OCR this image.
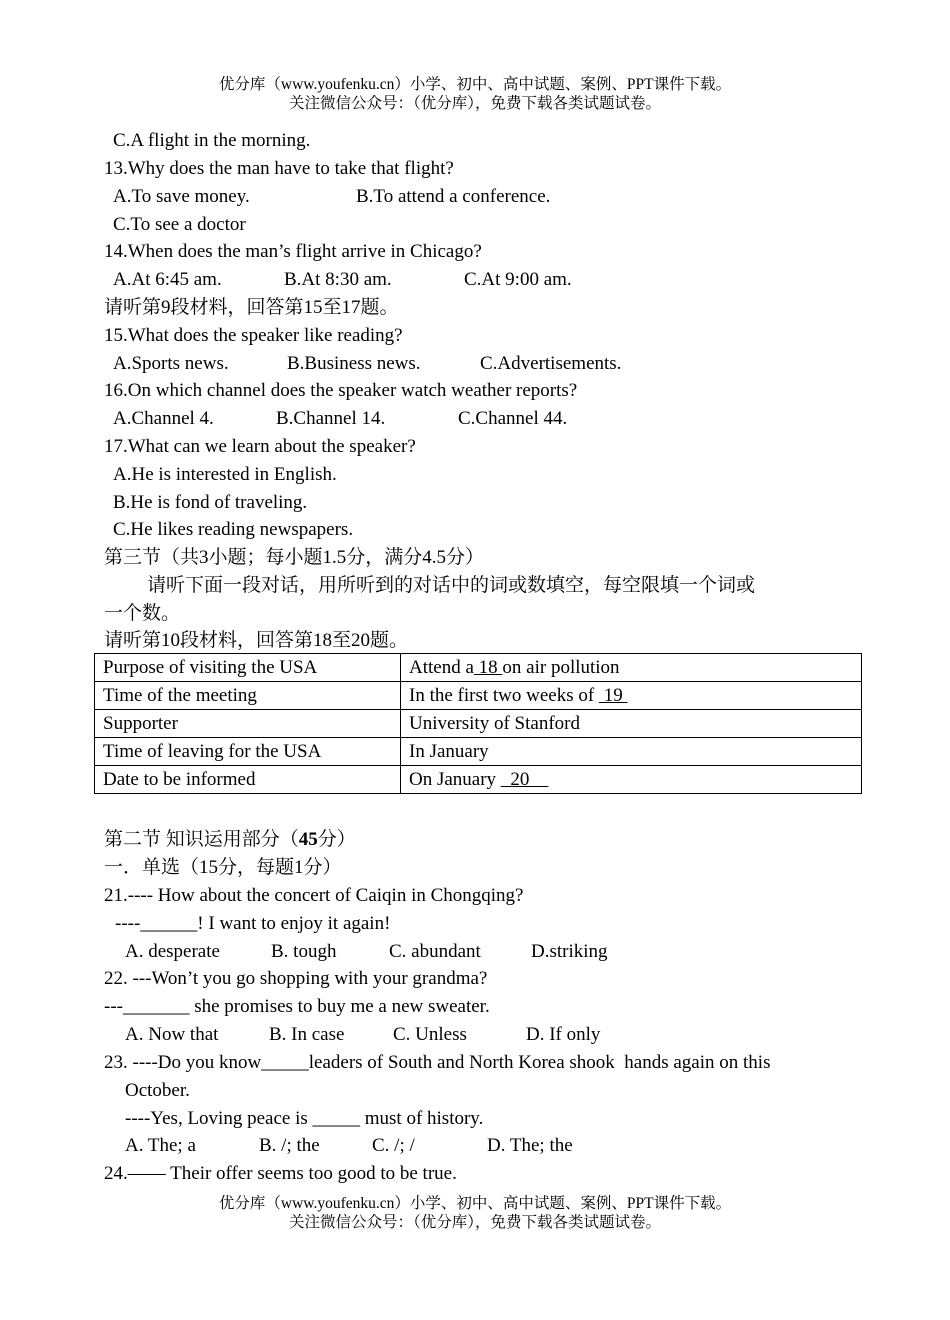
优分库（www.youfenku.cn）小学、初中、高中试题、案例、PPT课件下载。
关注微信公众号：（优分库），免费下载各类试题试卷。
C.A flight in the morning.
13.Why does the man have to take that flight?
A.To save money.	B.To attend a conference.
C.To see a doctor
14.When does the man’s flight arrive in Chicago?
A.At 6:45 am.	B.At 8:30 am.	C.At 9:00 am.
请听第9段材料，回答第15至17题。
15.What does the speaker like reading?
A.Sports news.	B.Business news.	C.Advertisements.
16.On which channel does the speaker watch weather reports?
A.Channel 4.	B.Channel 14.	C.Channel 44.
17.What can we learn about the speaker?
A.He is interested in English.
B.He is fond of traveling.
C.He likes reading newspapers.
第三节（共3小题；每小题1.5分，满分4.5分）
请听下面一段对话，用所听到的对话中的词或数填空，每空限填一个词或
一个数。
请听第10段材料，回答第18至20题。
Purpose of visiting the USA	Attend a 18 on air pollution
Time of the meeting	In the first two weeks of  19
Supporter	University of Stanford
Time of leaving for the USA	In January
Date to be informed	On January   20
第二节 知识运用部分（45分）
一．单选（15分，每题1分）
21.---- How about the concert of Caiqin in Chongqing?
----______! I want to enjoy it again!
A. desperate	B. tough	C. abundant	D.striking
22. ---Won’t you go shopping with your grandma?
---_______ she promises to buy me a new sweater.
A. Now that	B. In case	C. Unless	D. If only
23. ----Do you know_____leaders of South and North Korea shook  hands again on this
October.
----Yes, Loving peace is _____ must of history.
A. The; a	B. /; the	C. /; /	D. The; the
24.—— Their offer seems too good to be true.
优分库（www.youfenku.cn）小学、初中、高中试题、案例、PPT课件下载。
关注微信公众号：（优分库），免费下载各类试题试卷。
